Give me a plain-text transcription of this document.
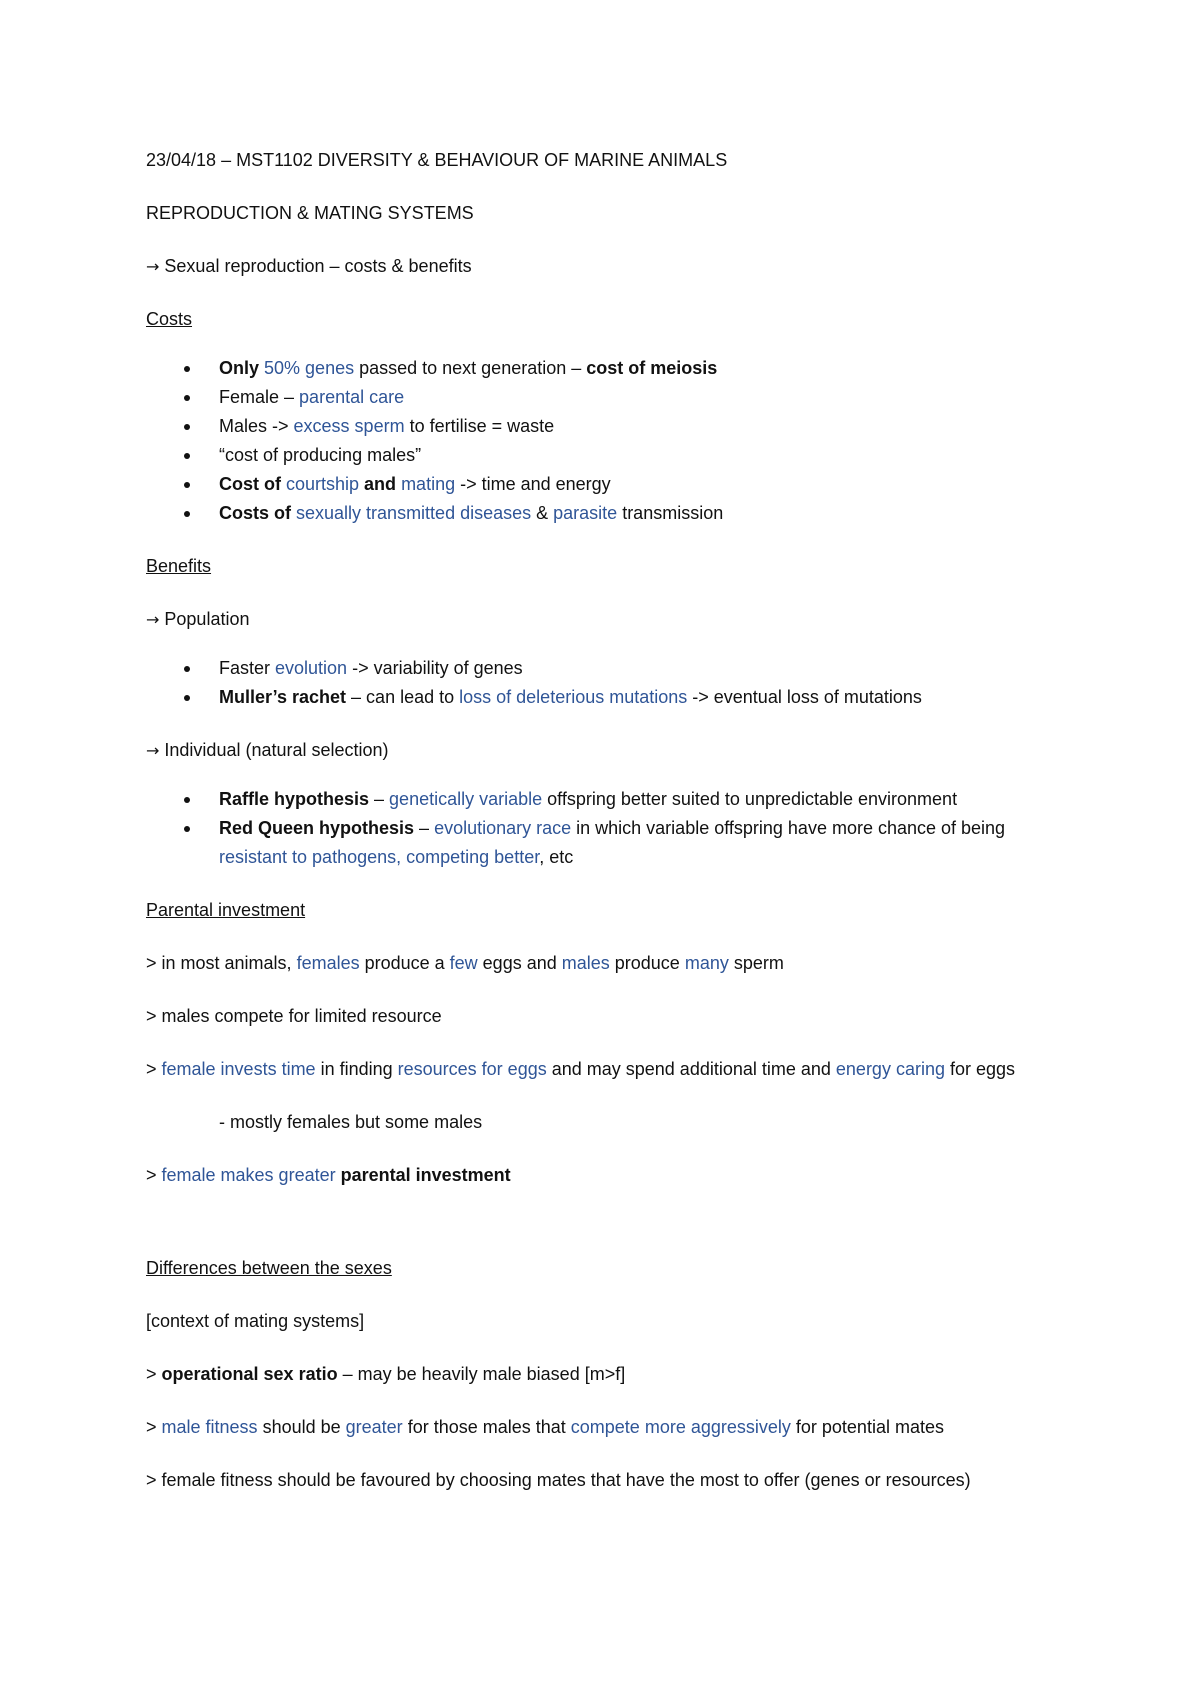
23/04/18 – MST1102 DIVERSITY & BEHAVIOUR OF MARINE ANIMALS

REPRODUCTION & MATING SYSTEMS

→ Sexual reproduction – costs & benefits

Costs

Only 50% genes passed to next generation – cost of meiosis
Female – parental care
Males -> excess sperm to fertilise = waste
“cost of producing males”
Cost of courtship and mating -> time and energy
Costs of sexually transmitted diseases & parasite transmission

Benefits

→ Population

Faster evolution -> variability of genes
Muller’s rachet – can lead to loss of deleterious mutations -> eventual loss of mutations

→ Individual (natural selection)

Raffle hypothesis – genetically variable offspring better suited to unpredictable environment
Red Queen hypothesis – evolutionary race in which variable offspring have more chance of being resistant to pathogens, competing better, etc

Parental investment

> in most animals, females produce a few eggs and males produce many sperm

> males compete for limited resource

> female invests time in finding resources for eggs and may spend additional time and energy caring for eggs

- mostly females but some males

> female makes greater parental investment

Differences between the sexes

[context of mating systems]

> operational sex ratio – may be heavily male biased [m>f]

> male fitness should be greater for those males that compete more aggressively for potential mates

> female fitness should be favoured by choosing mates that have the most to offer (genes or resources)
